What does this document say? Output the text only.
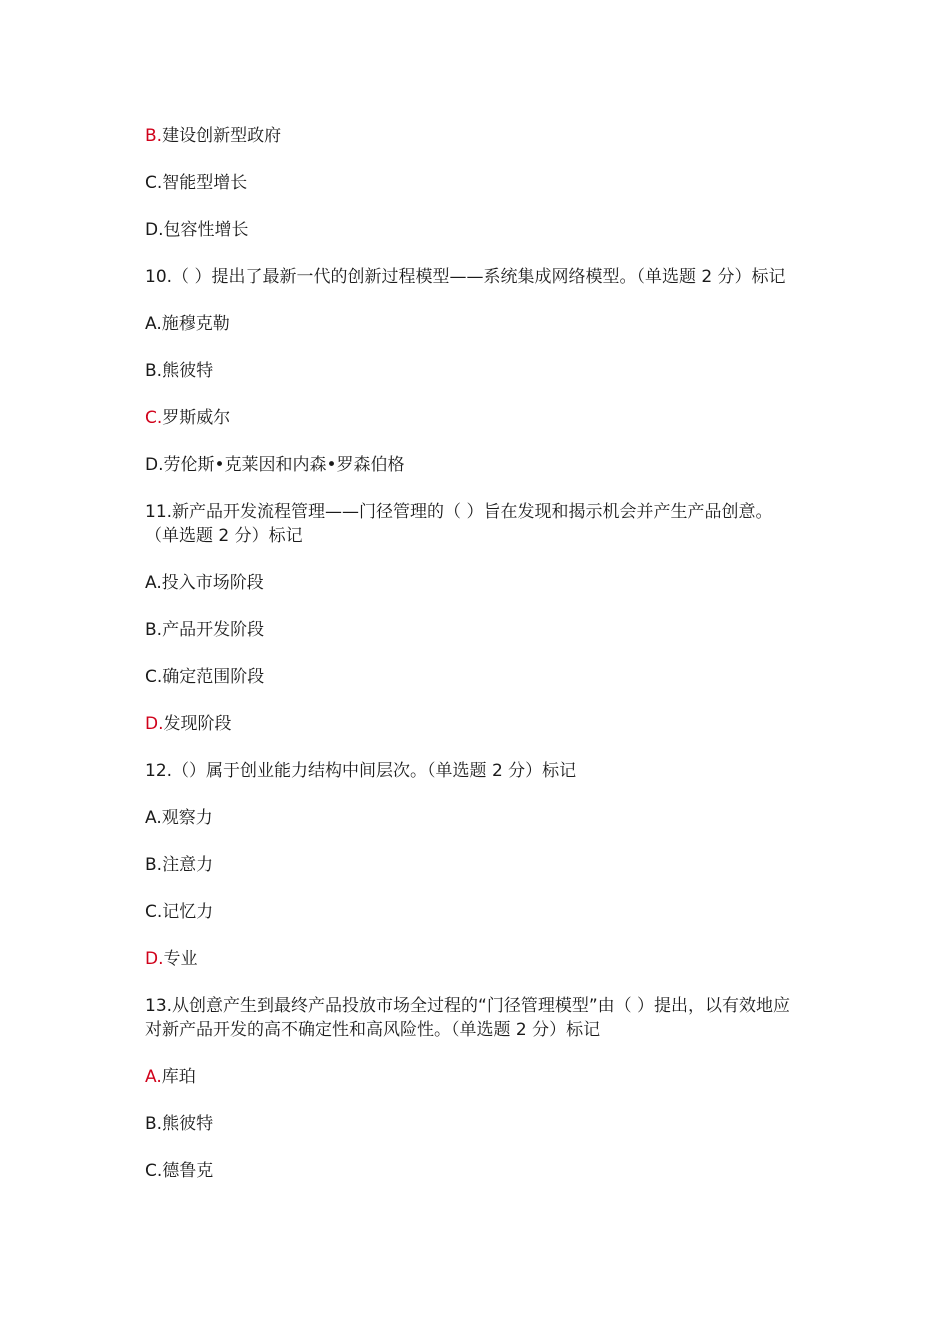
B.建设创新型政府
C.智能型增长
D.包容性增长
10.（ ）提出了最新一代的创新过程模型——系统集成网络模型。（单选题 2 分）标记
A.施穆克勒
B.熊彼特
C.罗斯威尔
D.劳伦斯•克莱因和内森•罗森伯格
11.新产品开发流程管理——门径管理的（ ）旨在发现和揭示机会并产生产品创意。（单选题 2 分）标记
A.投入市场阶段
B.产品开发阶段
C.确定范围阶段
D.发现阶段
12.（）属于创业能力结构中间层次。（单选题 2 分）标记
A.观察力
B.注意力
C.记忆力
D.专业
13.从创意产生到最终产品投放市场全过程的“门径管理模型”由（ ）提出，以有效地应对新产品开发的高不确定性和高风险性。（单选题 2 分）标记
A.库珀
B.熊彼特
C.德鲁克
